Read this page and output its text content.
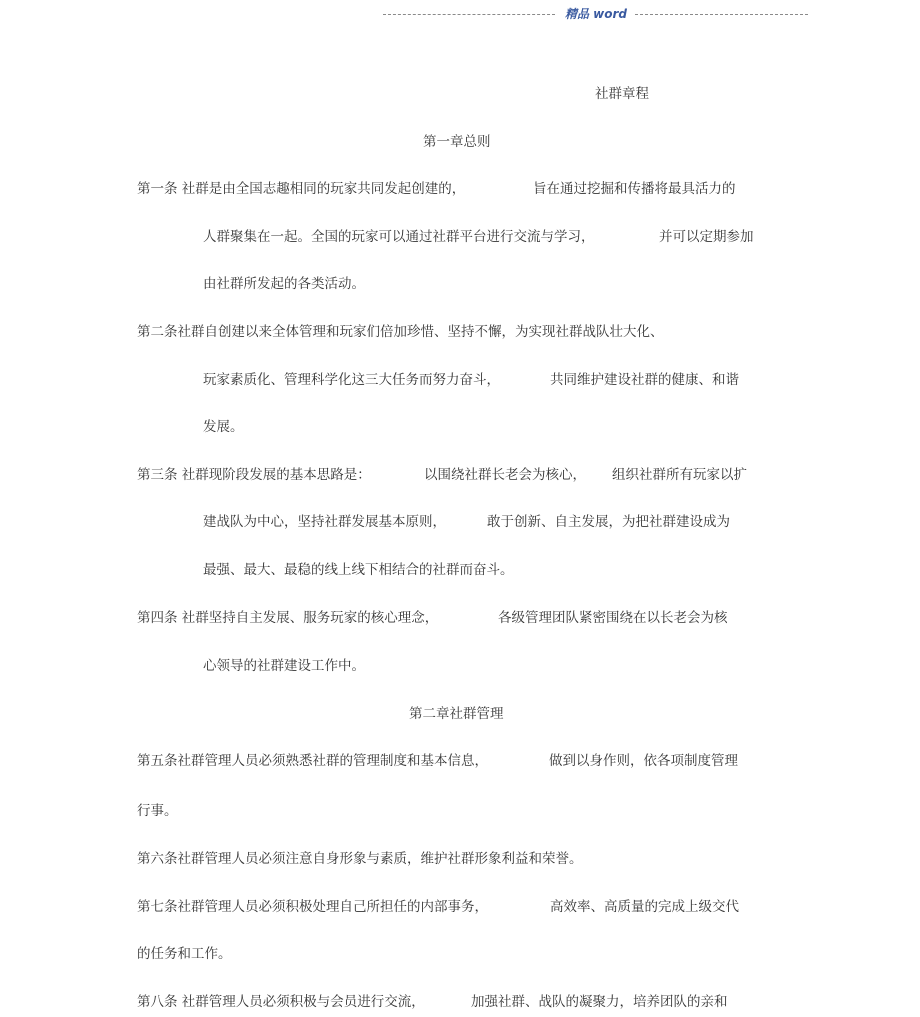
精品 word
社群章程
第一章总则
第一条 社群是由全国志趣相同的玩家共同发起创建的，	旨在通过挖掘和传播将最具活力的
人群聚集在一起。全国的玩家可以通过社群平台进行交流与学习，	并可以定期参加
由社群所发起的各类活动。
第二条社群自创建以来全体管理和玩家们倍加珍惜、坚持不懈，为实现社群战队壮大化、
玩家素质化、管理科学化这三大任务而努力奋斗，	共同维护建设社群的健康、和谐
发展。
第三条 社群现阶段发展的基本思路是：	以围绕社群长老会为核心， 组织社群所有玩家以扩
建战队为中心，坚持社群发展基本原则，	敢于创新、自主发展，为把社群建设成为
最强、最大、最稳的线上线下相结合的社群而奋斗。
第四条 社群坚持自主发展、服务玩家的核心理念，	各级管理团队紧密围绕在以长老会为核
心领导的社群建设工作中。
第二章社群管理
第五条社群管理人员必须熟悉社群的管理制度和基本信息，	做到以身作则，依各项制度管理
行事。
第六条社群管理人员必须注意自身形象与素质，维护社群形象利益和荣誉。
第七条社群管理人员必须积极处理自己所担任的内部事务，	高效率、高质量的完成上级交代
的任务和工作。
第八条 社群管理人员必须积极与会员进行交流，	加强社群、战队的凝聚力，培养团队的亲和
